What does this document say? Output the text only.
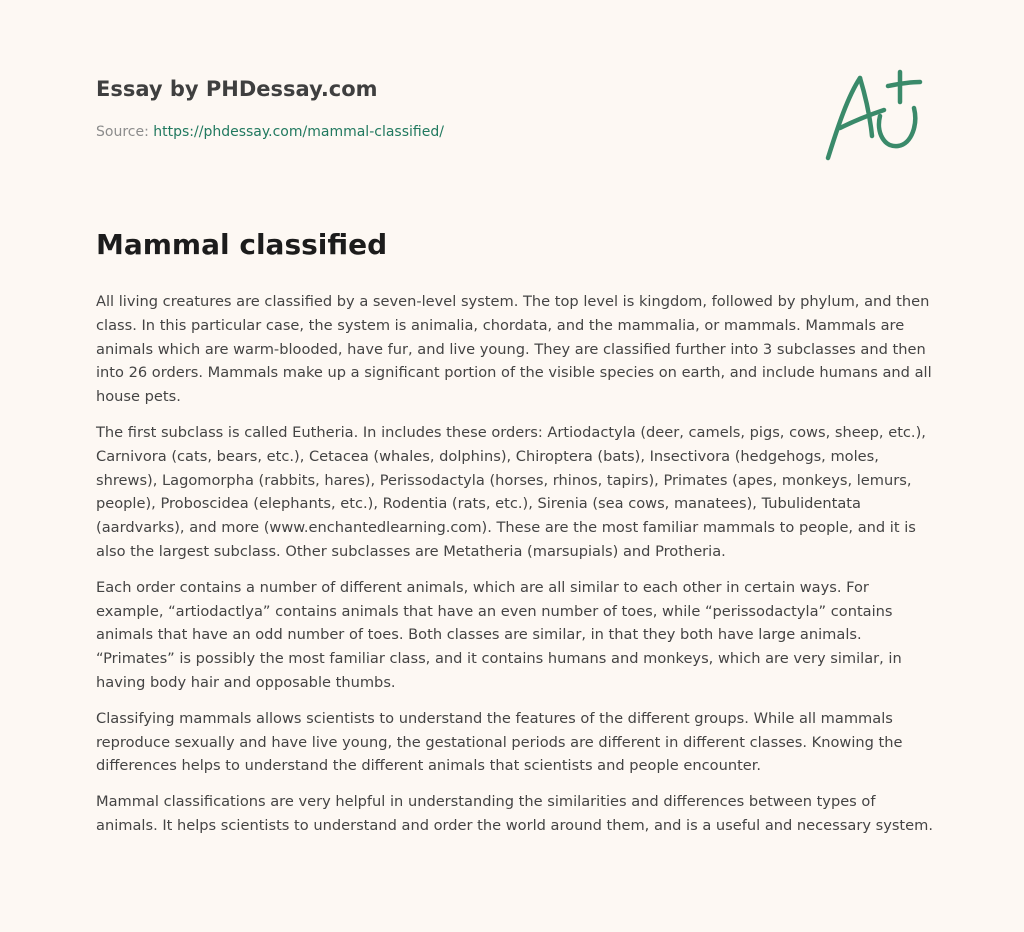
Essay by PHDessay.com
Source: https://phdessay.com/mammal-classified/
Mammal classified

All living creatures are classified by a seven-level system. The top level is kingdom, followed by phylum, and then class. In this particular case, the system is animalia, chordata, and the mammalia, or mammals. Mammals are animals which are warm-blooded, have fur, and live young. They are classified further into 3 subclasses and then into 26 orders. Mammals make up a significant portion of the visible species on earth, and include humans and all house pets.

The first subclass is called Eutheria. In includes these orders: Artiodactyla (deer, camels, pigs, cows, sheep, etc.), Carnivora (cats, bears, etc.), Cetacea (whales, dolphins), Chiroptera (bats), Insectivora (hedgehogs, moles, shrews), Lagomorpha (rabbits, hares), Perissodactyla (horses, rhinos, tapirs), Primates (apes, monkeys, lemurs, people), Proboscidea (elephants, etc.), Rodentia (rats, etc.), Sirenia (sea cows, manatees), Tubulidentata (aardvarks), and more (www.enchantedlearning.com). These are the most familiar mammals to people, and it is also the largest subclass. Other subclasses are Metatheria (marsupials) and Protheria.

Each order contains a number of different animals, which are all similar to each other in certain ways. For example, “artiodactlya” contains animals that have an even number of toes, while “perissodactyla” contains animals that have an odd number of toes. Both classes are similar, in that they both have large animals. “Primates” is possibly the most familiar class, and it contains humans and monkeys, which are very similar, in having body hair and opposable thumbs.

Classifying mammals allows scientists to understand the features of the different groups. While all mammals reproduce sexually and have live young, the gestational periods are different in different classes. Knowing the differences helps to understand the different animals that scientists and people encounter.

Mammal classifications are very helpful in understanding the similarities and differences between types of animals. It helps scientists to understand and order the world around them, and is a useful and necessary system.
